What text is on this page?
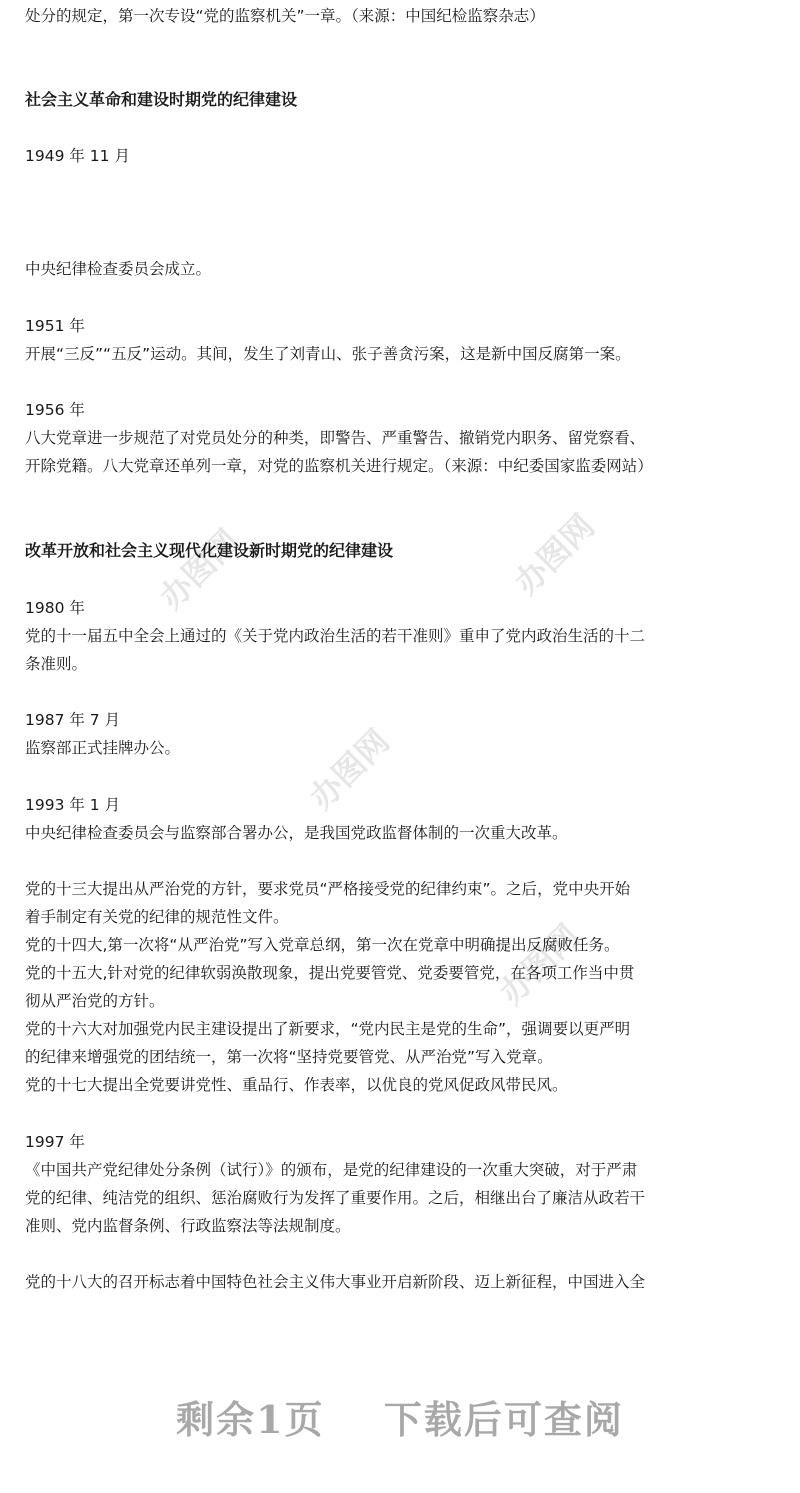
办图网	办图网
办图网
办图网
处分的规定，第一次专设“党的监察机关”一章。（来源：中国纪检监察杂志）
社会主义革命和建设时期党的纪律建设
1949 年 11 月
中央纪律检查委员会成立。
1951 年
开展“三反”“五反”运动。其间，发生了刘青山、张子善贪污案，这是新中国反腐第一案。
1956 年
八大党章进一步规范了对党员处分的种类，即警告、严重警告、撤销党内职务、留党察看、
开除党籍。八大党章还单列一章，对党的监察机关进行规定。（来源：中纪委国家监委网站）
改革开放和社会主义现代化建设新时期党的纪律建设
1980 年
党的十一届五中全会上通过的《关于党内政治生活的若干准则》重申了党内政治生活的十二
条准则。
1987 年 7 月
监察部正式挂牌办公。
1993 年 1 月
中央纪律检查委员会与监察部合署办公，是我国党政监督体制的一次重大改革。
党的十三大提出从严治党的方针，要求党员“严格接受党的纪律约束”。之后，党中央开始
着手制定有关党的纪律的规范性文件。
党的十四大,第一次将“从严治党”写入党章总纲，第一次在党章中明确提出反腐败任务。
党的十五大,针对党的纪律软弱涣散现象，提出党要管党、党委要管党，在各项工作当中贯
彻从严治党的方针。
党的十六大对加强党内民主建设提出了新要求，“党内民主是党的生命”，强调要以更严明
的纪律来增强党的团结统一，第一次将“坚持党要管党、从严治党”写入党章。
党的十七大提出全党要讲党性、重品行、作表率，以优良的党风促政风带民风。
1997 年
《中国共产党纪律处分条例（试行）》的颁布，是党的纪律建设的一次重大突破，对于严肃
党的纪律、纯洁党的组织、惩治腐败行为发挥了重要作用。之后，相继出台了廉洁从政若干
准则、党内监督条例、行政监察法等法规制度。
党的十八大的召开标志着中国特色社会主义伟大事业开启新阶段、迈上新征程，中国进入全
剩余1页 下载后可查阅
